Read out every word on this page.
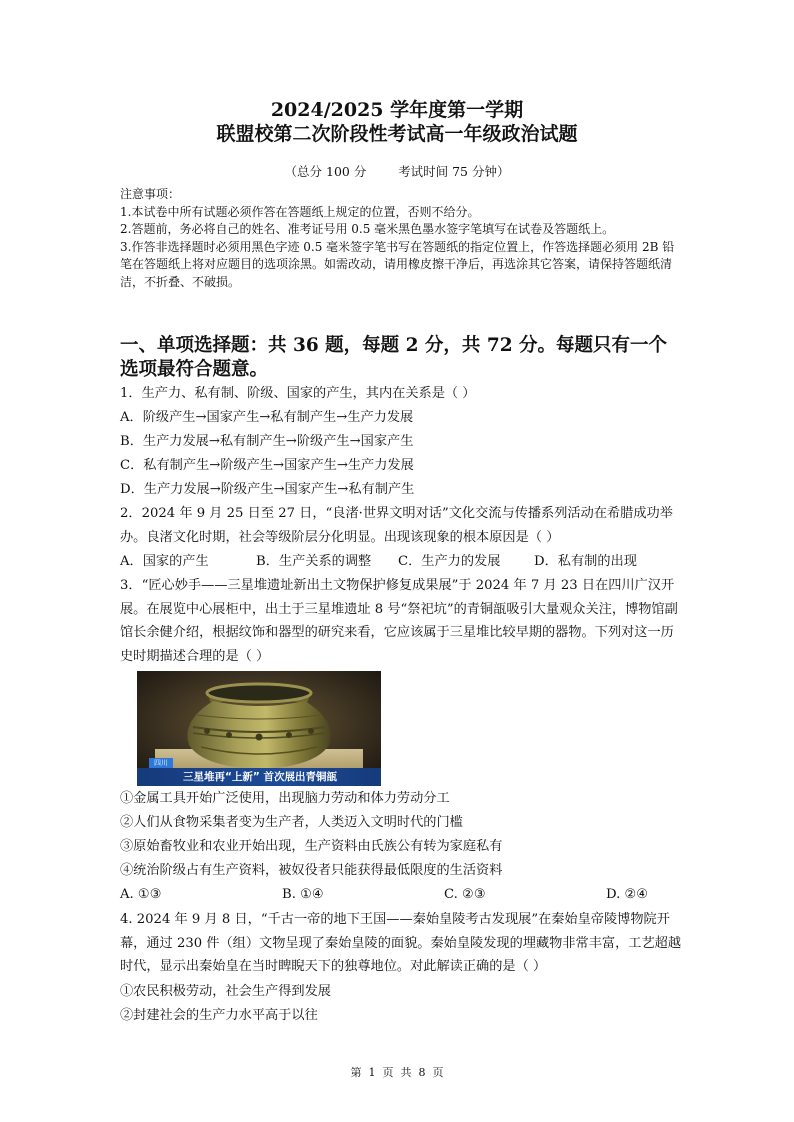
2024/2025 学年度第一学期
联盟校第二次阶段性考试高一年级政治试题
（总分 100 分        考试时间 75 分钟）
注意事项：
1.本试卷中所有试题必须作答在答题纸上规定的位置，否则不给分。
2.答题前，务必将自己的姓名、准考证号用 0.5 毫米黑色墨水签字笔填写在试卷及答题纸上。
3.作答非选择题时必须用黑色字迹 0.5 毫米签字笔书写在答题纸的指定位置上，作答选择题必须用 2B 铅笔在答题纸上将对应题目的选项涂黑。如需改动，请用橡皮擦干净后，再选涂其它答案，请保持答题纸清洁，不折叠、不破损。
一、单项选择题：共 36 题，每题 2 分，共 72 分。每题只有一个选项最符合题意。
1．生产力、私有制、阶级、国家的产生，其内在关系是（ ）
A．阶级产生→国家产生→私有制产生→生产力发展
B．生产力发展→私有制产生→阶级产生→国家产生
C．私有制产生→阶级产生→国家产生→生产力发展
D．生产力发展→阶级产生→国家产生→私有制产生
2．2024 年 9 月 25 日至 27 日，“良渚·世界文明对话”文化交流与传播系列活动在希腊成功举办。良渚文化时期，社会等级阶层分化明显。出现该现象的根本原因是（ ）
A．国家的产生	B．生产关系的调整 C．生产力的发展	D．私有制的出现
3．“匠心妙手——三星堆遗址新出土文物保护修复成果展”于 2024 年 7 月 23 日在四川广汉开展。在展览中心展柜中，出土于三星堆遗址 8 号“祭祀坑”的青铜瓿吸引大量观众关注，博物馆副馆长余健介绍，根据纹饰和器型的研究来看，它应该属于三星堆比较早期的器物。下列对这一历史时期描述合理的是（ ）
四川
三星堆再“上新” 首次展出青铜瓿
①金属工具开始广泛使用，出现脑力劳动和体力劳动分工
②人们从食物采集者变为生产者，人类迈入文明时代的门槛
③原始畜牧业和农业开始出现，生产资料由氏族公有转为家庭私有
④统治阶级占有生产资料，被奴役者只能获得最低限度的生活资料
A. ①③	B. ①④	C. ②③	D. ②④
4. 2024 年 9 月 8 日，“千古一帝的地下王国——秦始皇陵考古发现展”在秦始皇帝陵博物院开幕，通过 230 件（组）文物呈现了秦始皇陵的面貌。秦始皇陵发现的埋藏物非常丰富，工艺超越时代，显示出秦始皇在当时睥睨天下的独尊地位。对此解读正确的是（ ）
①农民积极劳动，社会生产得到发展
②封建社会的生产力水平高于以往
第  1  页  共  8  页
